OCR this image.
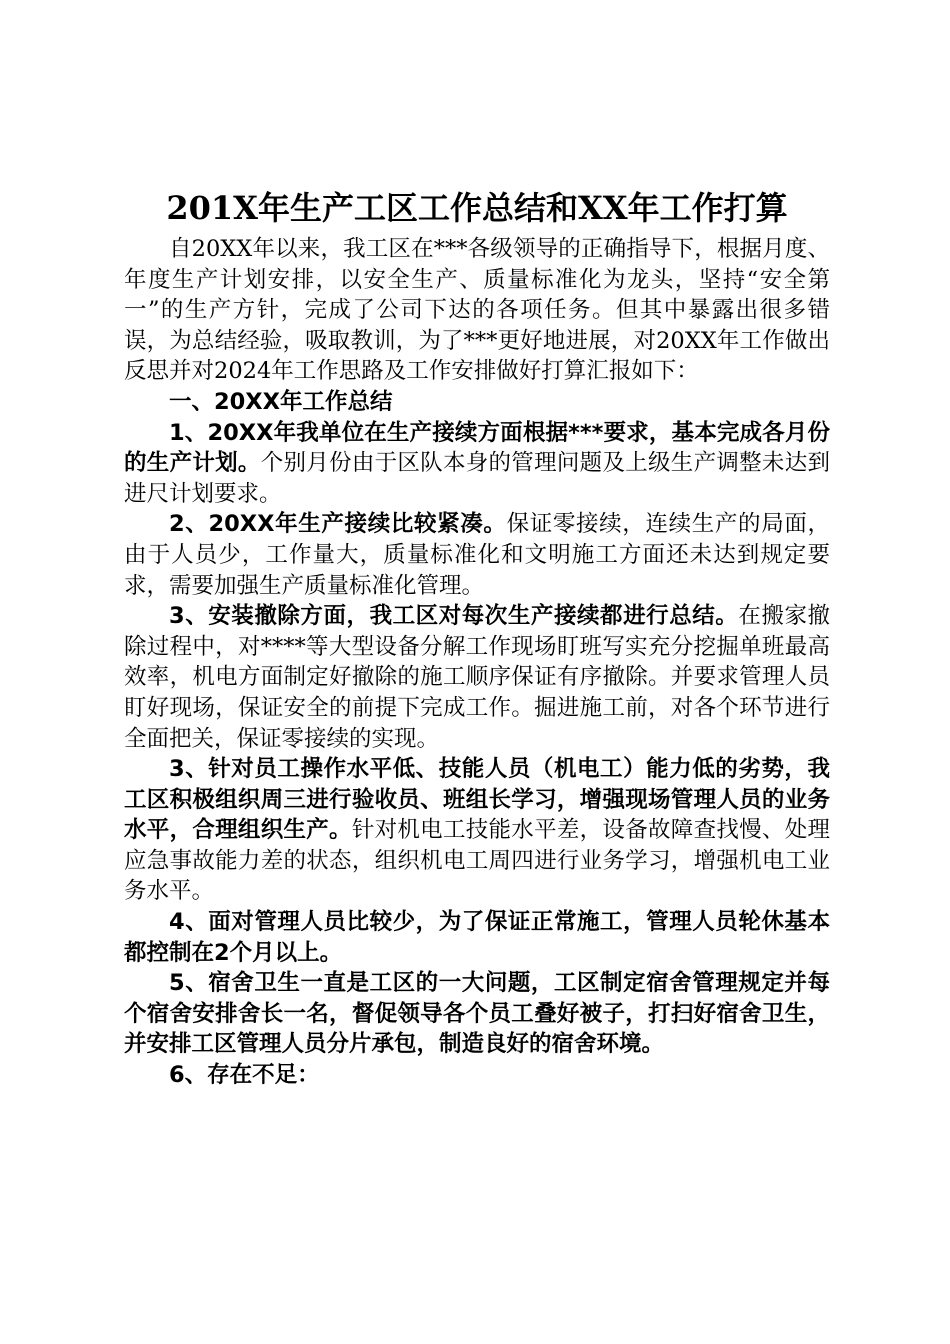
201X年生产工区工作总结和XX年工作打算

自20XX年以来，我工区在***各级领导的正确指导下，根据月度、年度生产计划安排，以安全生产、质量标准化为龙头，坚持“安全第一”的生产方针，完成了公司下达的各项任务。但其中暴露出很多错误，为总结经验，吸取教训，为了***更好地进展，对20XX年工作做出反思并对2024年工作思路及工作安排做好打算汇报如下：

一、20XX年工作总结

1、20XX年我单位在生产接续方面根据***要求，基本完成各月份的生产计划。个别月份由于区队本身的管理问题及上级生产调整未达到进尺计划要求。

2、20XX年生产接续比较紧凑。保证零接续，连续生产的局面，由于人员少，工作量大，质量标准化和文明施工方面还未达到规定要求，需要加强生产质量标准化管理。

3、安装撤除方面，我工区对每次生产接续都进行总结。在搬家撤除过程中，对****等大型设备分解工作现场盯班写实充分挖掘单班最高效率，机电方面制定好撤除的施工顺序保证有序撤除。并要求管理人员盯好现场，保证安全的前提下完成工作。掘进施工前，对各个环节进行全面把关，保证零接续的实现。

3、针对员工操作水平低、技能人员（机电工）能力低的劣势，我工区积极组织周三进行验收员、班组长学习，增强现场管理人员的业务水平，合理组织生产。针对机电工技能水平差，设备故障查找慢、处理应急事故能力差的状态，组织机电工周四进行业务学习，增强机电工业务水平。

4、面对管理人员比较少，为了保证正常施工，管理人员轮休基本都控制在2个月以上。

5、宿舍卫生一直是工区的一大问题，工区制定宿舍管理规定并每个宿舍安排舍长一名，督促领导各个员工叠好被子，打扫好宿舍卫生，并安排工区管理人员分片承包，制造良好的宿舍环境。

6、存在不足：
